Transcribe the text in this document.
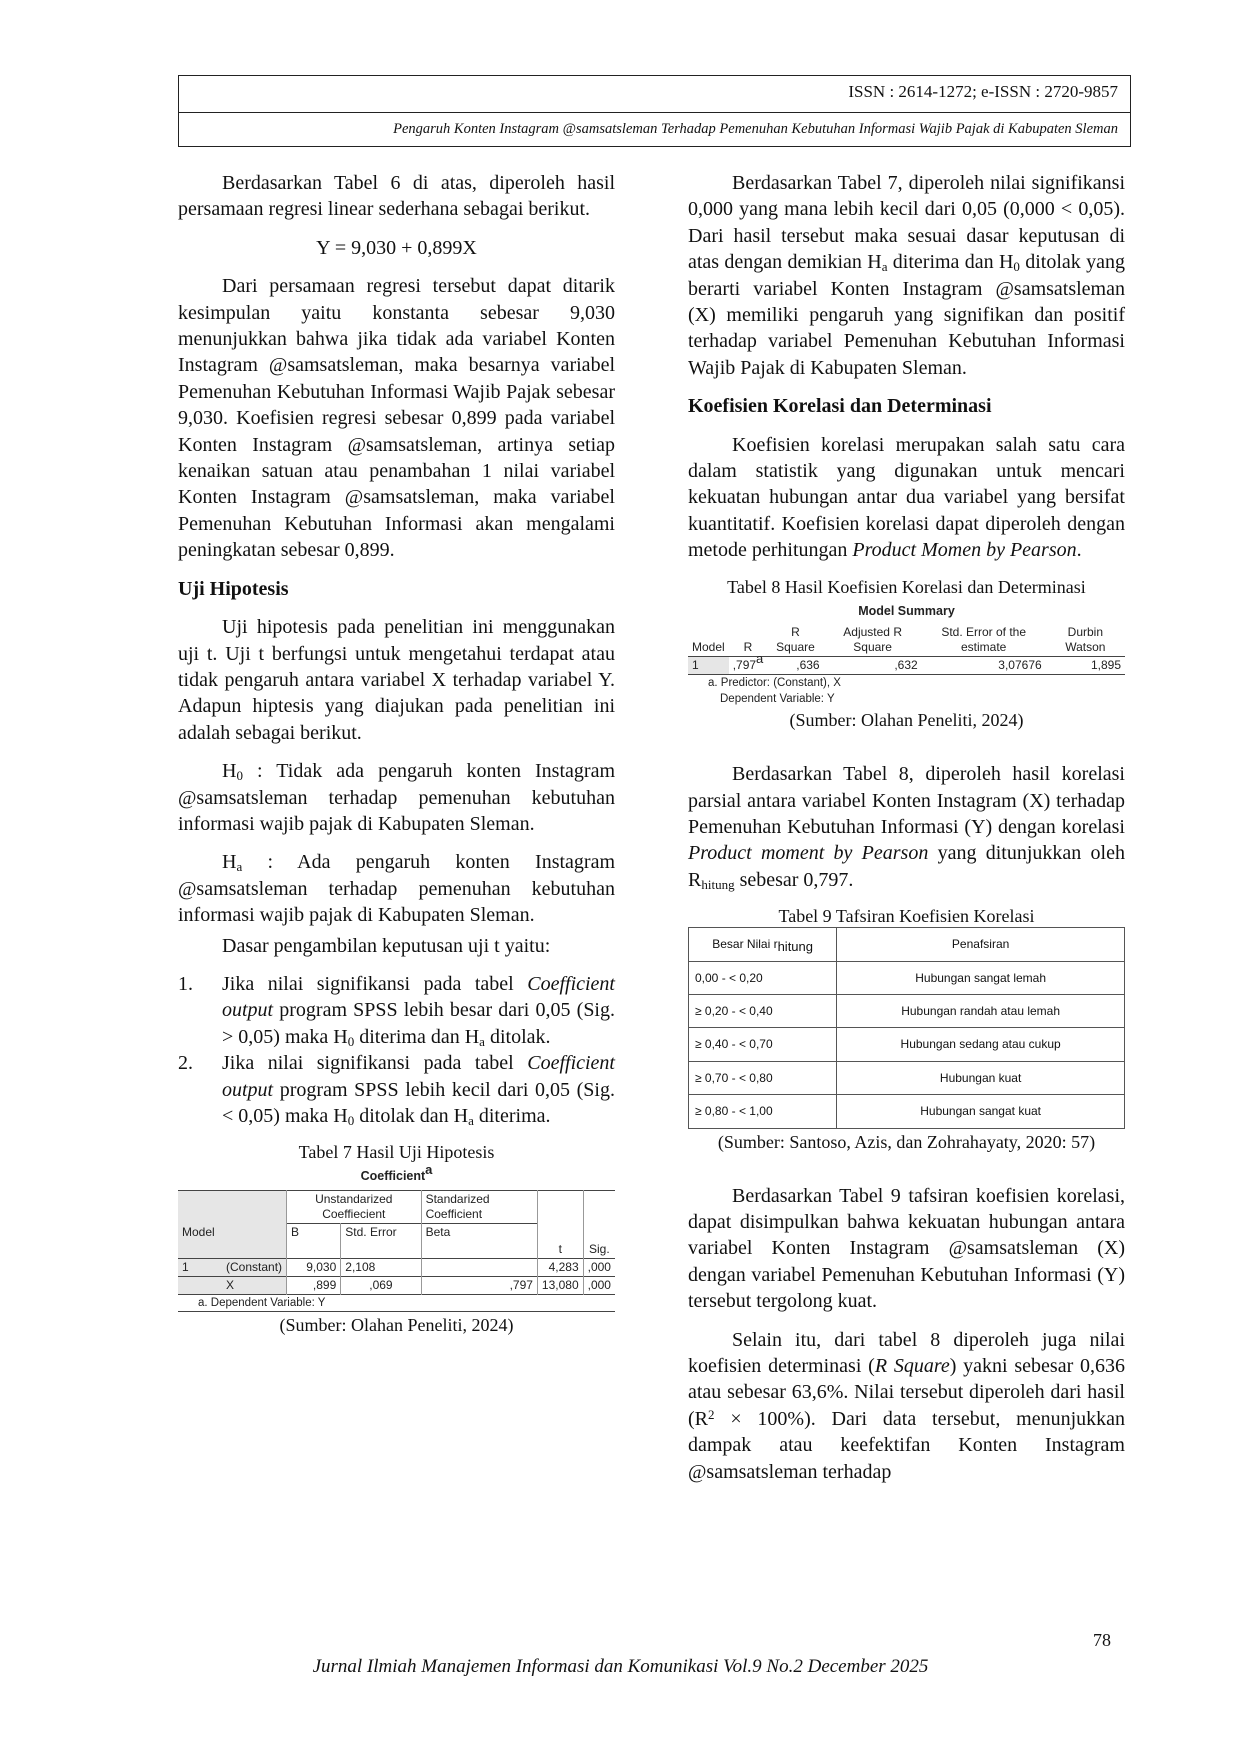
ISSN : 2614-1272; e-ISSN : 2720-9857
Pengaruh Konten Instagram @samsatsleman Terhadap Pemenuhan Kebutuhan Informasi Wajib Pajak di Kabupaten Sleman

Berdasarkan Tabel 6 di atas, diperoleh hasil persamaan regresi linear sederhana sebagai berikut.

Y = 9,030 + 0,899X

Dari persamaan regresi tersebut dapat ditarik kesimpulan yaitu konstanta sebesar 9,030 menunjukkan bahwa jika tidak ada variabel Konten Instagram @samsatsleman, maka besarnya variabel Pemenuhan Kebutuhan Informasi Wajib Pajak sebesar 9,030. Koefisien regresi sebesar 0,899 pada variabel Konten Instagram @samsatsleman, artinya setiap kenaikan satuan atau penambahan 1 nilai variabel Konten Instagram @samsatsleman, maka variabel Pemenuhan Kebutuhan Informasi akan mengalami peningkatan sebesar 0,899.

Uji Hipotesis

Uji hipotesis pada penelitian ini menggunakan uji t. Uji t berfungsi untuk mengetahui terdapat atau tidak pengaruh antara variabel X terhadap variabel Y. Adapun hiptesis yang diajukan pada penelitian ini adalah sebagai berikut.

$H_0$ : Tidak ada pengaruh konten Instagram @samsatsleman terhadap pemenuhan kebutuhan informasi wajib pajak di Kabupaten Sleman.

$H_a$ : Ada pengaruh konten Instagram @samsatsleman terhadap pemenuhan kebutuhan informasi wajib pajak di Kabupaten Sleman.

Dasar pengambilan keputusan uji t yaitu:

1.	Jika nilai signifikansi pada tabel Coefficient output program SPSS lebih besar dari 0,05 (Sig. > 0,05) maka $H_0$ diterima dan $H_a$ ditolak.
2.	Jika nilai signifikansi pada tabel Coefficient output program SPSS lebih kecil dari 0,05 (Sig. < 0,05) maka $H_0$ ditolak dan $H_a$ diterima.
Tabel 7 Hasil Uji Hipotesis
Coefficient$^a$
Model		Unstandarized Coeffiecient		Standarized Coefficient		
		B	Std. Error	Beta		

					t	Sig.
1	(Constant)	9,030	2,108		4,283	,000
	X	,899	,069	,797	13,080	,000
a. Dependent Variable: Y						
(Sumber: Olahan Peneliti, 2024)

Berdasarkan Tabel 7, diperoleh nilai signifikansi 0,000 yang mana lebih kecil dari 0,05 (0,000 < 0,05). Dari hasil tersebut maka sesuai dasar keputusan di atas dengan demikian $H_a$ diterima dan $H_0$ ditolak yang berarti variabel Konten Instagram @samsatsleman (X) memiliki pengaruh yang signifikan dan positif terhadap variabel Pemenuhan Kebutuhan Informasi Wajib Pajak di Kabupaten Sleman.

Koefisien Korelasi dan Determinasi

Koefisien korelasi merupakan salah satu cara dalam statistik yang digunakan untuk mencari kekuatan hubungan antar dua variabel yang bersifat kuantitatif. Koefisien korelasi dapat diperoleh dengan metode perhitungan Product Momen by Pearson.

Tabel 8 Hasil Koefisien Korelasi dan Determinasi
Model Summary
Model	R	R Square	Adjusted R Square	Std. Error of the estimate	Durbin Watson
1	,797$^a$	,636	,632	3,07676	1,895
a. Predictor: (Constant), X					
Dependent Variable: Y					
(Sumber: Olahan Peneliti, 2024)

Berdasarkan Tabel 8, diperoleh hasil korelasi parsial antara variabel Konten Instagram (X) terhadap Pemenuhan Kebutuhan Informasi (Y) dengan korelasi Product moment by Pearson yang ditunjukkan oleh $R_{hitung}$ sebesar 0,797.

Tabel 9 Tafsiran Koefisien Korelasi
Besar Nilai $r_{hitung}$	Penafsiran
0,00 - < 0,20	Hubungan sangat lemah
≥ 0,20 - < 0,40	Hubungan randah atau lemah
≥ 0,40 - < 0,70	Hubungan sedang atau cukup
≥ 0,70 - < 0,80	Hubungan kuat
≥ 0,80 - < 1,00	Hubungan sangat kuat
(Sumber: Santoso, Azis, dan Zohrahayaty, 2020: 57)

Berdasarkan Tabel 9 tafsiran koefisien korelasi, dapat disimpulkan bahwa kekuatan hubungan antara variabel Konten Instagram @samsatsleman (X) dengan variabel Pemenuhan Kebutuhan Informasi (Y) tersebut tergolong kuat.

Selain itu, dari tabel 8 diperoleh juga nilai koefisien determinasi (R Square) yakni sebesar 0,636 atau sebesar 63,6%. Nilai tersebut diperoleh dari hasil $(R^2 \times 100\%)$. Dari data tersebut, menunjukkan dampak atau keefektifan Konten Instagram @samsatsleman terhadap

78
Jurnal Ilmiah Manajemen Informasi dan Komunikasi Vol.9 No.2 December 2025
